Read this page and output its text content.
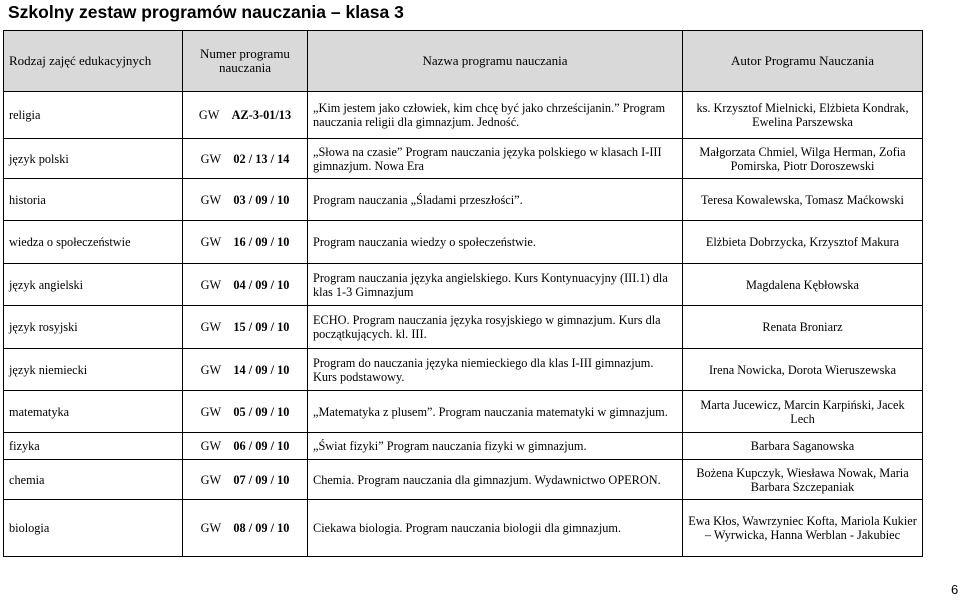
Szkolny zestaw programów nauczania – klasa 3
Rodzaj zajęć edukacyjnych	Numer programu nauczania	Nazwa programu nauczania	Autor Programu Nauczania
religia	GW AZ-3-01/13	„Kim jestem jako człowiek, kim chcę być jako chrześcijanin.” Program nauczania religii dla gimnazjum. Jedność.	ks. Krzysztof Mielnicki, Elżbieta Kondrak, Ewelina Parszewska
język polski	GW 02 / 13 / 14	„Słowa na czasie” Program nauczania języka polskiego w klasach I-III gimnazjum. Nowa Era	Małgorzata Chmiel, Wilga Herman, Zofia Pomirska, Piotr Doroszewski
historia	GW 03 / 09 / 10	Program nauczania „Śladami przeszłości”.	Teresa Kowalewska, Tomasz Maćkowski
wiedza o społeczeństwie	GW 16 / 09 / 10	Program nauczania wiedzy o społeczeństwie.	Elżbieta Dobrzycka, Krzysztof Makura
język angielski	GW 04 / 09 / 10	Program nauczania języka angielskiego. Kurs Kontynuacyjny (III.1) dla klas 1-3 Gimnazjum	Magdalena Kębłowska
język rosyjski	GW 15 / 09 / 10	ECHO. Program nauczania języka rosyjskiego w gimnazjum. Kurs dla początkujących. kl. III.	Renata Broniarz
język niemiecki	GW 14 / 09 / 10	Program do nauczania języka niemieckiego dla klas I-III gimnazjum. Kurs podstawowy.	Irena Nowicka, Dorota Wieruszewska
matematyka	GW 05 / 09 / 10	„Matematyka z plusem”. Program nauczania matematyki w gimnazjum.	Marta Jucewicz, Marcin Karpiński, Jacek Lech
fizyka	GW 06 / 09 / 10	„Świat fizyki” Program nauczania fizyki w gimnazjum.	Barbara Saganowska
chemia	GW 07 / 09 / 10	Chemia. Program nauczania dla gimnazjum. Wydawnictwo OPERON.	Bożena Kupczyk, Wiesława Nowak, Maria Barbara Szczepaniak
biologia	GW 08 / 09 / 10	Ciekawa biologia. Program nauczania biologii dla gimnazjum.	Ewa Kłos, Wawrzyniec Kofta, Mariola Kukier – Wyrwicka, Hanna Werblan - Jakubiec
6
